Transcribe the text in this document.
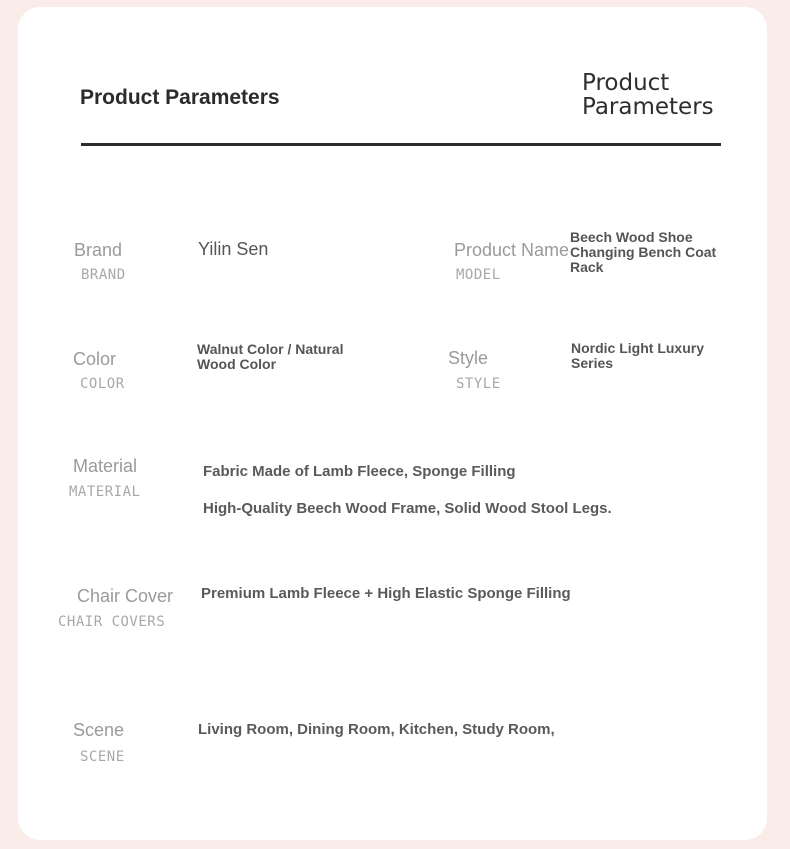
Product Parameters
Product Parameters
Brand
BRAND
Yilin Sen	Product Name
MODEL
Beech Wood Shoe Changing Bench Coat Rack
Color
COLOR
Walnut Color / Natural Wood Color	Style
STYLE
Nordic Light Luxury Series
Material
MATERIAL
Fabric Made of Lamb Fleece, Sponge Filling
High-Quality Beech Wood Frame, Solid Wood Stool Legs.
Chair Cover
CHAIR COVERS
Premium Lamb Fleece + High Elastic Sponge Filling
Scene
SCENE
Living Room, Dining Room, Kitchen, Study Room,
